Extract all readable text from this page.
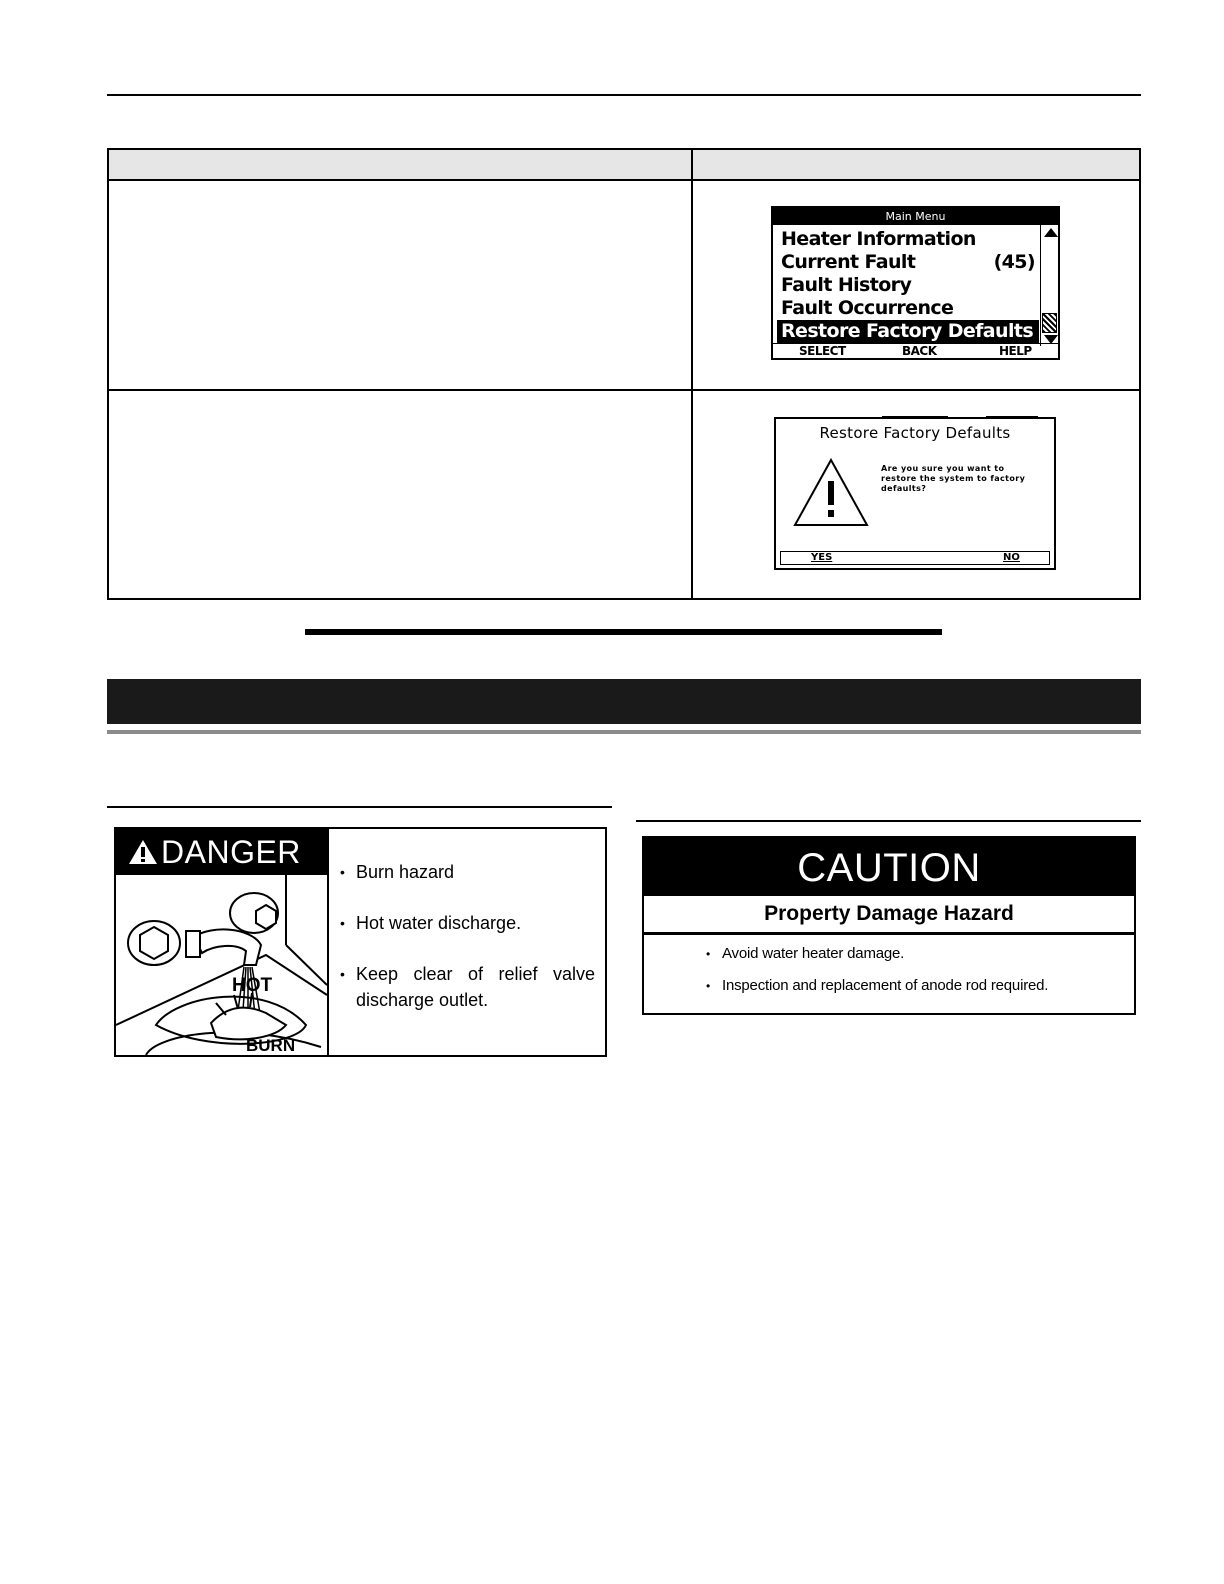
Main Menu
Heater Information
Current Fault	(45)
Fault History
Fault Occurrence
Restore Factory Defaults
SELECT	BACK	HELP
Restore Factory Defaults
Are you sure you want to
restore the system to factory
defaults?
YES	NO
DANGER
HOT
BURN
• Burn hazard
• Hot water discharge.
• Keep clear of relief valve discharge outlet.
CAUTION
Property Damage Hazard
• Avoid water heater damage.
• Inspection and replacement of anode rod required.
